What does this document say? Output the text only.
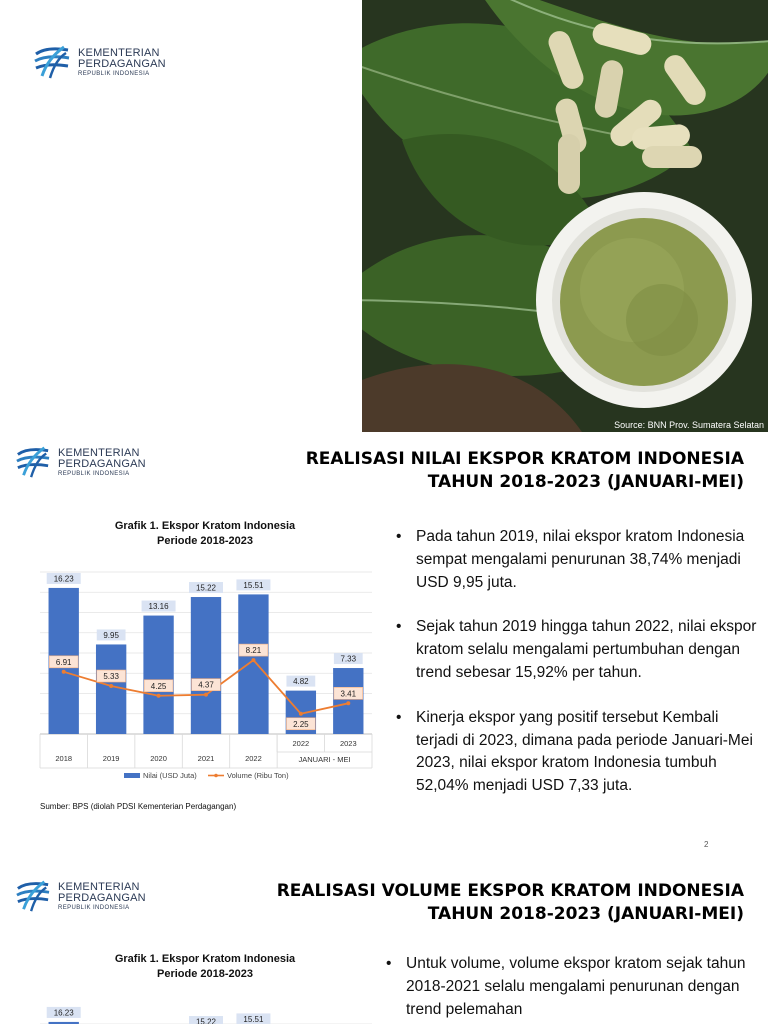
KEMENTERIAN
PERDAGANGAN
REPUBLIK INDONESIA
Source: BNN Prov. Sumatera Selatan
KEMENTERIAN
PERDAGANGAN
REPUBLIK INDONESIA
REALISASI NILAI EKSPOR KRATOM INDONESIA
TAHUN 2018-2023 (JANUARI-MEI)
Grafik 1. Ekspor Kratom Indonesia
Periode 2018-2023
16.23
9.95
13.16
15.22	15.51
4.82
7.33
6.91
5.33
4.25	4.37
8.21
2.25
3.41
2018	2019	2020	2021	2022
2022	2023
JANUARI - MEI
Nilai (USD Juta)	Volume (Ribu Ton)
Sumber: BPS (diolah PDSI Kementerian Perdagangan)
• Pada tahun 2019, nilai ekspor kratom Indonesia sempat mengalami penurunan 38,74% menjadi USD 9,95 juta.
• Sejak tahun 2019 hingga tahun 2022, nilai ekspor kratom selalu mengalami pertumbuhan dengan trend sebesar 15,92% per tahun.
• Kinerja ekspor yang positif tersebut Kembali terjadi di 2023, dimana pada periode Januari-Mei 2023, nilai ekspor kratom Indonesia tumbuh 52,04% menjadi USD 7,33 juta.
2
KEMENTERIAN
PERDAGANGAN
REPUBLIK INDONESIA
REALISASI VOLUME EKSPOR KRATOM INDONESIA
TAHUN 2018-2023 (JANUARI-MEI)
Grafik 1. Ekspor Kratom Indonesia
Periode 2018-2023
16.23
15.22	15.51
• Untuk volume, volume ekspor kratom sejak tahun 2018-2021 selalu mengalami penurunan dengan trend pelemahan
